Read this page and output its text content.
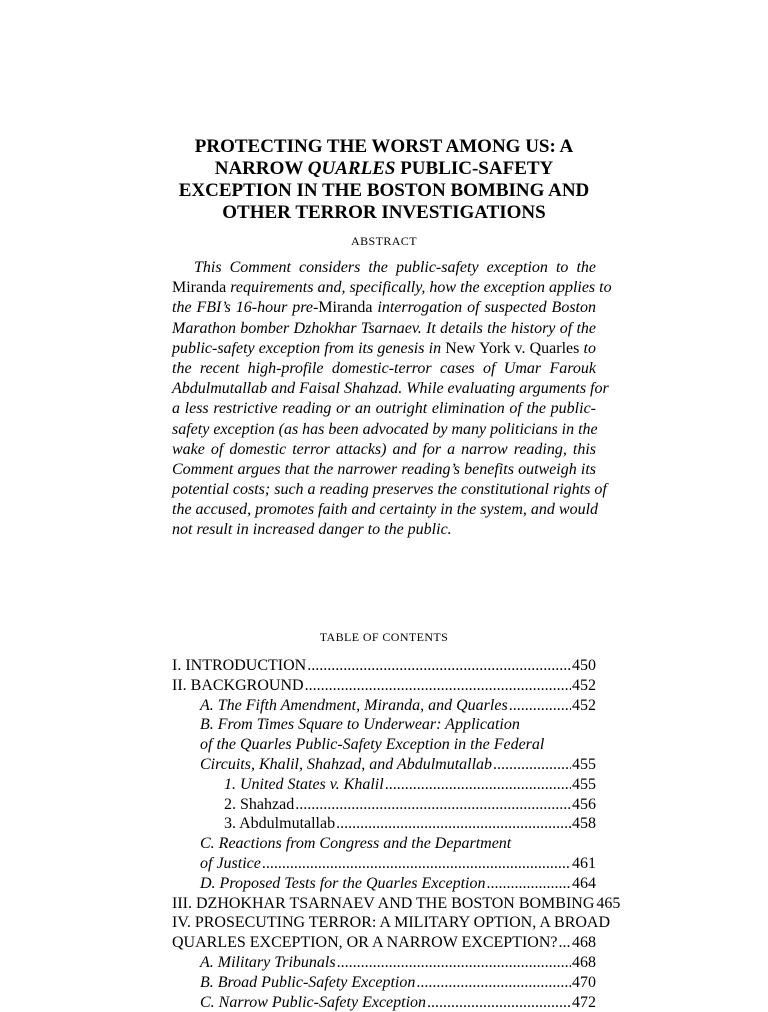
PROTECTING THE WORST AMONG US: A
NARROW QUARLES PUBLIC-SAFETY
EXCEPTION IN THE BOSTON BOMBING AND
OTHER TERROR INVESTIGATIONS
ABSTRACT
This Comment considers the public-safety exception to the
Miranda requirements and, specifically, how the exception applies to
the FBI’s 16-hour pre-Miranda interrogation of suspected Boston
Marathon bomber Dzhokhar Tsarnaev. It details the history of the
public-safety exception from its genesis in New York v. Quarles to
the recent high-profile domestic-terror cases of Umar Farouk
Abdulmutallab and Faisal Shahzad. While evaluating arguments for
a less restrictive reading or an outright elimination of the public-
safety exception (as has been advocated by many politicians in the
wake of domestic terror attacks) and for a narrow reading, this
Comment argues that the narrower reading’s benefits outweigh its
potential costs; such a reading preserves the constitutional rights of
the accused, promotes faith and certainty in the system, and would
not result in increased danger to the public.
TABLE OF CONTENTS
I. INTRODUCTION .....	450
II. BACKGROUND .....	452
A. The Fifth Amendment, Miranda, and Quarles .....	452
B. From Times Square to Underwear: Application
of the Quarles Public-Safety Exception in the Federal
Circuits, Khalil, Shahzad, and Abdulmutallab .....	455
1. United States v. Khalil .....	455
2. Shahzad .....	456
3. Abdulmutallab .....	458
C. Reactions from Congress and the Department
of Justice .....	461
D. Proposed Tests for the Quarles Exception .....	464
III. DZHOKHAR TSARNAEV AND THE BOSTON BOMBING 465
IV. PROSECUTING TERROR: A MILITARY OPTION, A BROAD
QUARLES EXCEPTION, OR A NARROW EXCEPTION? ..... 468
A. Military Tribunals .....	468
B. Broad Public-Safety Exception .....	470
C. Narrow Public-Safety Exception .....	472
